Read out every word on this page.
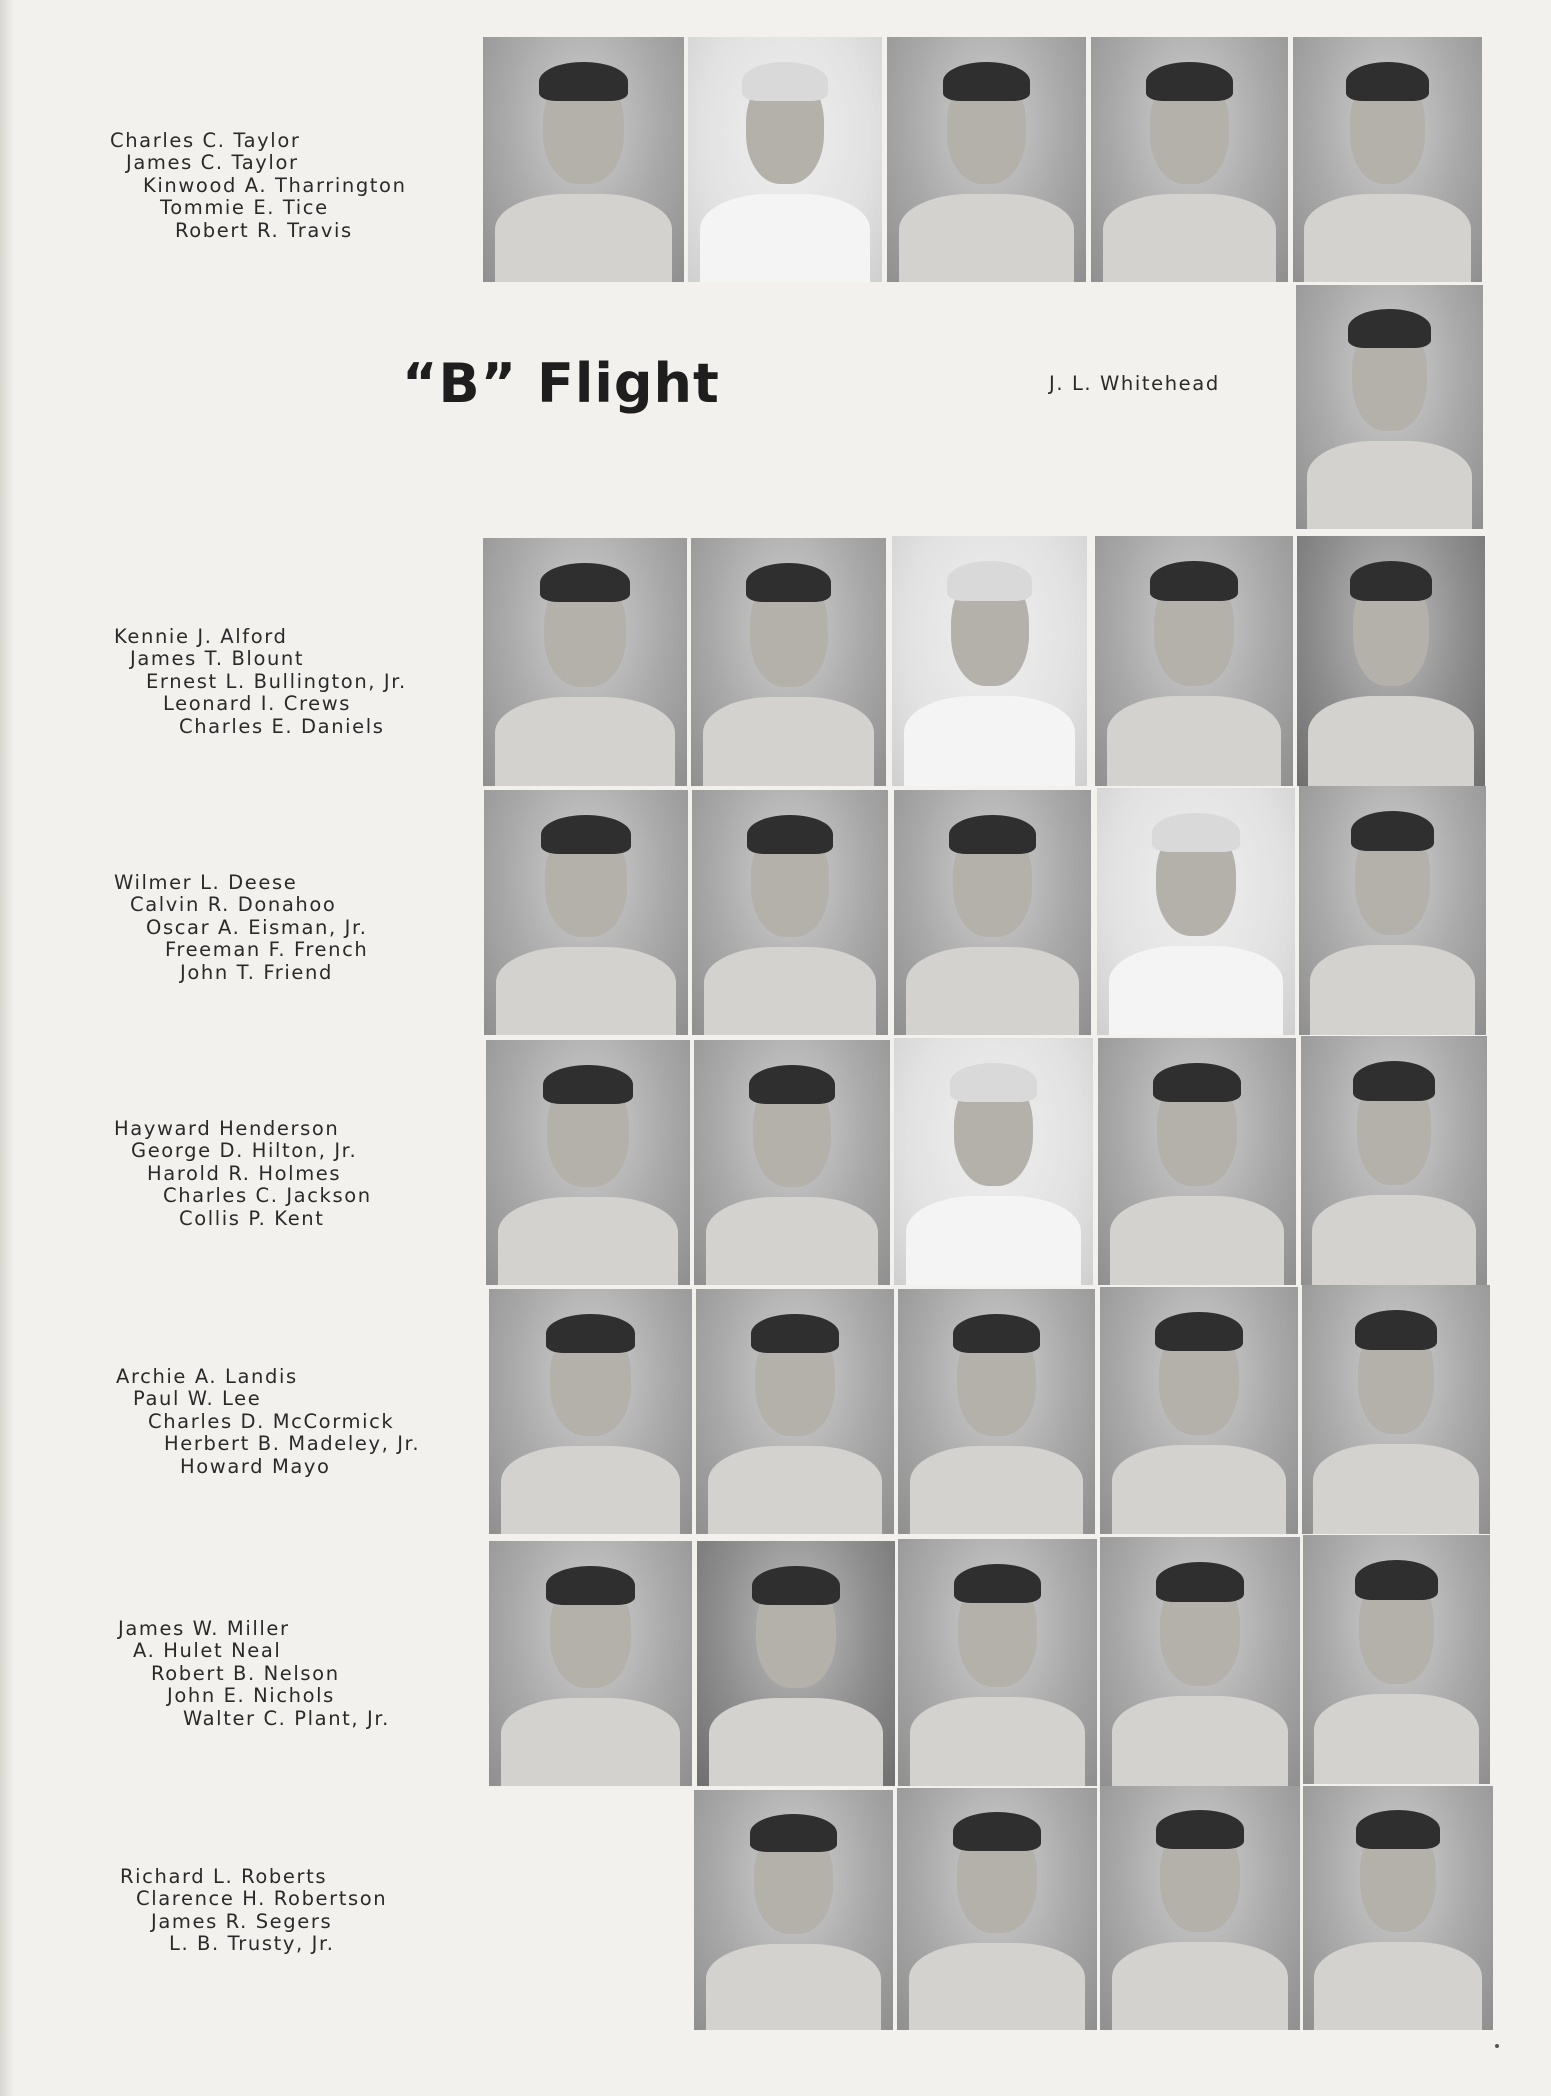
Charles C. Taylor
James C. Taylor
Kinwood A. Tharrington
Tommie E. Tice
Robert R. Travis
“B” Flight	J. L. Whitehead
Kennie J. Alford
James T. Blount
Ernest L. Bullington, Jr.
Leonard I. Crews
Charles E. Daniels
Wilmer L. Deese
Calvin R. Donahoo
Oscar A. Eisman, Jr.
Freeman F. French
John T. Friend
Hayward Henderson
George D. Hilton, Jr.
Harold R. Holmes
Charles C. Jackson
Collis P. Kent
Archie A. Landis
Paul W. Lee
Charles D. McCormick
Herbert B. Madeley, Jr.
Howard Mayo
James W. Miller
A. Hulet Neal
Robert B. Nelson
John E. Nichols
Walter C. Plant, Jr.
Richard L. Roberts
Clarence H. Robertson
James R. Segers
L. B. Trusty, Jr.
